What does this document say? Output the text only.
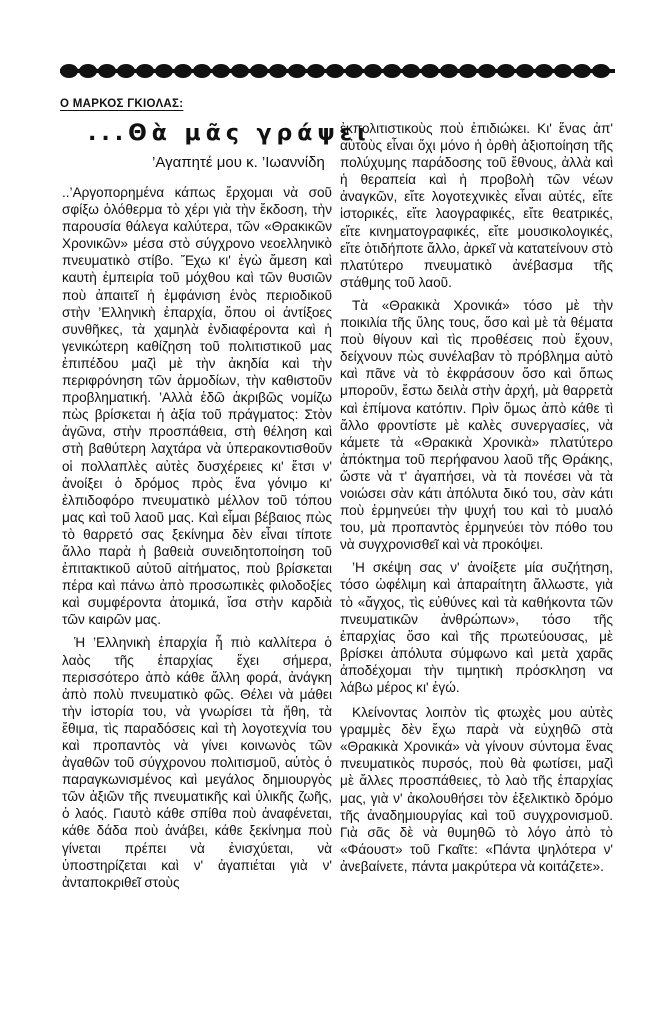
Ο ΜΑΡΚΟΣ ΓΚΙΟΛΑΣ:
...Θὰ μᾶς γράψει
’Αγαπητέ μου κ. ’Ιωαννίδη

..’Αργοπορημένα κάπως ἔρχομαι νὰ σοῦ σφίξω ὁλόθερμα τὸ χέρι γιὰ τὴν ἔκδοση, τὴν παρουσία θάλεγα καλύτερα, τῶν «Θρακικῶν Χρονικῶν» μέσα στὸ σύγχρονο νεοελληνικὸ πνευματικὸ στίβο. Ἔχω κι' ἐγὼ ἄμεση καὶ καυτὴ ἐμπειρία τοῦ μόχθου καὶ τῶν θυσιῶν ποὺ ἀπαιτεῖ ἡ ἐμφάνιση ἑνὸς περιοδικοῦ στὴν ’Ελληνικὴ ἐπαρχία, ὅπου οἱ ἀντίξοες συνθῆκες, τὰ χαμηλὰ ἐνδιαφέροντα καὶ ἡ γενικώτερη καθίζηση τοῦ πολιτιστικοῦ μας ἐπιπέδου μαζὶ μὲ τὴν ἀκηδία καὶ τὴν περιφρόνηση τῶν ἁρμοδίων, τὴν καθιστοῦν προβληματική. ’Αλλὰ ἐδῶ ἀκριβῶς νομίζω πὼς βρίσκεται ἡ ἀξία τοῦ πράγματος: Στὸν ἀγῶνα, στὴν προσπάθεια, στὴ θέληση καὶ στὴ βαθύτερη λαχτάρα νὰ ὑπερακοντισθοῦν οἱ πολλαπλὲς αὐτὲς δυσχέρειες κι' ἔτσι ν' ἀνοίξει ὁ δρόμος πρὸς ἕνα γόνιμο κι' ἐλπιδοφόρο πνευματικὸ μέλλον τοῦ τόπου μας καὶ τοῦ λαοῦ μας. Καὶ εἶμαι βέβαιος πὼς τὸ θαρρετό σας ξεκίνημα δὲν εἶναι τίποτε ἄλλο παρὰ ἡ βαθειὰ συνειδητοποίηση τοῦ ἐπιτακτικοῦ αὐτοῦ αἰτήματος, ποὺ βρίσκεται πέρα καὶ πάνω ἀπὸ προσωπικὲς φιλοδοξίες καὶ συμφέροντα ἀτομικά, ἴσα στὴν καρδιὰ τῶν καιρῶν μας.

Ἡ ’Ελληνικὴ ἐπαρχία ἦ πιὸ καλλίτερα ὁ λαὸς τῆς ἐπαρχίας ἔχει σήμερα, περισσότερο ἀπὸ κάθε ἄλλη φορά, ἀνάγκη ἀπὸ πολὺ πνευματικὸ φῶς. Θέλει νὰ μάθει τὴν ἱστορία του, νὰ γνωρίσει τὰ ἤθη, τὰ ἔθιμα, τὶς παραδόσεις καὶ τὴ λογοτεχνία του καὶ προπαντὸς νὰ γίνει κοινωνὸς τῶν ἀγαθῶν τοῦ σύγχρονου πολιτισμοῦ, αὐτὸς ὁ παραγκωνισμένος καὶ μεγάλος δημιουργὸς τῶν ἀξιῶν τῆς πνευματικῆς καὶ ὑλικῆς ζωῆς, ὁ λαός. Γιαυτὸ κάθε σπίθα ποὺ ἀναφένεται, κάθε δάδα ποὺ ἀνάβει, κάθε ξεκίνημα ποὺ γίνεται πρέπει νὰ ἐνισχύεται, νὰ ὑποστηρίζεται καὶ ν' ἀγαπιέται γιὰ ν' ἀνταποκριθεῖ στοὺς

ἐκπολιτιστικοὺς ποὺ ἐπιδιώκει. Κι' ἕνας ἀπ' αὐτοὺς εἶναι ὄχι μόνο ἡ ὀρθὴ ἀξιοποίηση τῆς πολύχυμης παράδοσης τοῦ ἔθνους, ἀλλὰ καὶ ἡ θεραπεία καὶ ἡ προβολὴ τῶν νέων ἀναγκῶν, εἴτε λογοτεχνικὲς εἶναι αὐτές, εἴτε ἱστορικές, εἴτε λαογραφικές, εἴτε θεατρικές, εἴτε κινηματογραφικές, εἴτε μουσικολογικές, εἴτε ὁτιδήποτε ἄλλο, ἀρκεῖ νὰ κατατείνουν στὸ πλατύτερο πνευματικὸ ἀνέβασμα τῆς στάθμης τοῦ λαοῦ.

Τὰ «Θρακικὰ Χρονικά» τόσο μὲ τὴν ποικιλία τῆς ὕλης τους, ὅσο καὶ μὲ τὰ θέματα ποὺ θίγουν καὶ τὶς προθέσεις ποὺ ἔχουν, δείχνουν πὼς συνέλαβαν τὸ πρόβλημα αὐτὸ καὶ πᾶνε νὰ τὸ ἐκφράσουν ὅσο καὶ ὅπως μποροῦν, ἔστω δειλὰ στὴν ἀρχή, μὰ θαρρετὰ καὶ ἐπίμονα κατόπιν. Πρὶν ὅμως ἀπὸ κάθε τὶ ἄλλο φροντίστε μὲ καλὲς συνεργασίες, νὰ κάμετε τὰ «Θρακικὰ Χρονικὰ» πλατύτερο ἀπόκτημα τοῦ περήφανου λαοῦ τῆς Θράκης, ὥστε νὰ τ' ἀγαπήσει, νὰ τὰ πονέσει νὰ τὰ νοιώσει σὰν κάτι ἀπόλυτα δικό του, σὰν κάτι ποὺ ἑρμηνεύει τὴν ψυχή του καὶ τὸ μυαλό του, μὰ προπαντὸς ἑρμηνεύει τὸν πόθο του νὰ συγχρονισθεῖ καὶ νὰ προκόψει.

’Η σκέψη σας ν' ἀνοίξετε μία συζήτηση, τόσο ὠφέλιμη καὶ ἀπαραίτητη ἄλλωστε, γιὰ τὸ «ἄγχος, τὶς εὐθύνες καὶ τὰ καθήκοντα τῶν πνευματικῶν ἀνθρώπων», τόσο τῆς ἐπαρχίας ὅσο καὶ τῆς πρωτεύουσας, μὲ βρίσκει ἀπόλυτα σύμφωνο καὶ μετὰ χαρᾶς ἀποδέχομαι τὴν τιμητικὴ πρόσκληση να λάβω μέρος κι' ἐγώ.

Κλείνοντας λοιπὸν τὶς φτωχὲς μου αὐτὲς γραμμὲς δὲν ἔχω παρὰ νὰ εὐχηθῶ στὰ «Θρακικὰ Χρονικά» νὰ γίνουν σύντομα ἕνας πνευματικὸς πυρσός, ποὺ θὰ φωτίσει, μαζὶ μὲ ἄλλες προσπάθειες, τὸ λαὸ τῆς ἐπαρχίας μας, γιὰ ν' ἀκολουθήσει τὸν ἐξελικτικὸ δρόμο τῆς ἀναδημιουργίας καὶ τοῦ συγχρονισμοῦ. Γιὰ σᾶς δὲ νὰ θυμηθῶ τὸ λόγο ἀπὸ τὸ «Φάουστ» τοῦ Γκαῖτε: «Πάντα ψηλότερα ν' ἀνεβαίνετε, πάντα μακρύτερα νὰ κοιτάζετε».
